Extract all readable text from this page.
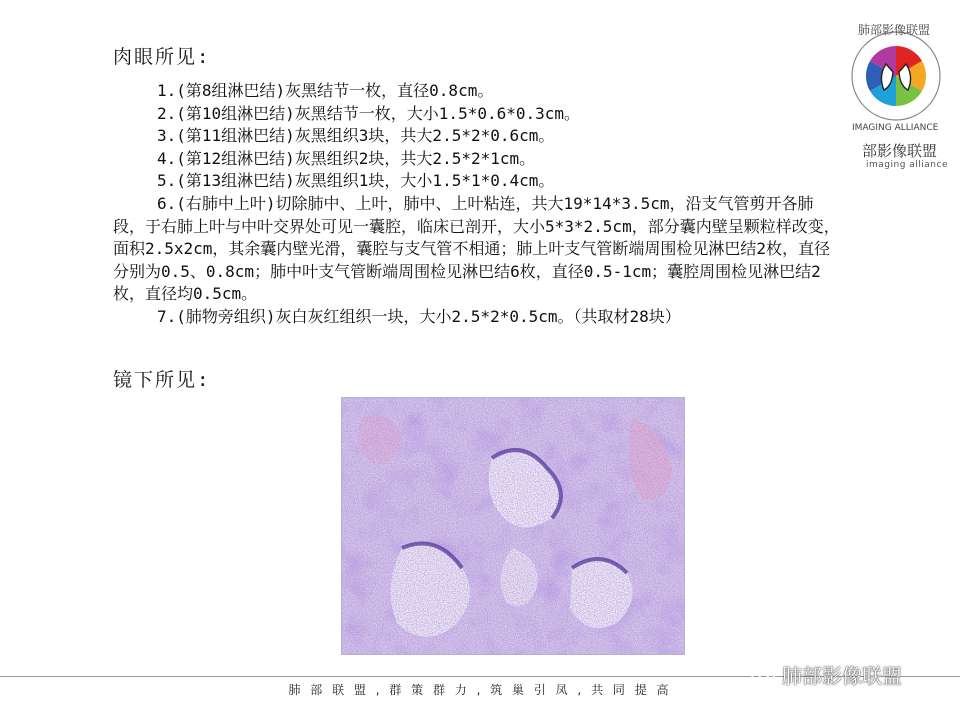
肉眼所见:
1.(第8组淋巴结)灰黑结节一枚，直径0.8cm。
2.(第10组淋巴结)灰黑结节一枚，大小1.5*0.6*0.3cm。
3.(第11组淋巴结)灰黑组织3块，共大2.5*2*0.6cm。
4.(第12组淋巴结)灰黑组织2块，共大2.5*2*1cm。
5.(第13组淋巴结)灰黑组织1块，大小1.5*1*0.4cm。
6.(右肺中上叶)切除肺中、上叶，肺中、上叶粘连，共大19*14*3.5cm，沿支气管剪开各肺段，于右肺上叶与中叶交界处可见一囊腔，临床已剖开，大小5*3*2.5cm，部分囊内壁呈颗粒样改变，面积2.5x2cm，其余囊内壁光滑，囊腔与支气管不相通；肺上叶支气管断端周围检见淋巴结2枚，直径分别为0.5、0.8cm；肺中叶支气管断端周围检见淋巴结6枚，直径0.5-1cm；囊腔周围检见淋巴结2枚，直径均0.5cm。
7.(肺物旁组织)灰白灰红组织一块，大小2.5*2*0.5cm。（共取材28块）
镜下所见:
肺部影像联盟
IMAGING ALLIANCE
部影像联盟
imaging alliance
肺 部 联 盟 , 群 策 群 力 , 筑 巢 引 凤 , 共 同 提 高
肺部影像联盟
